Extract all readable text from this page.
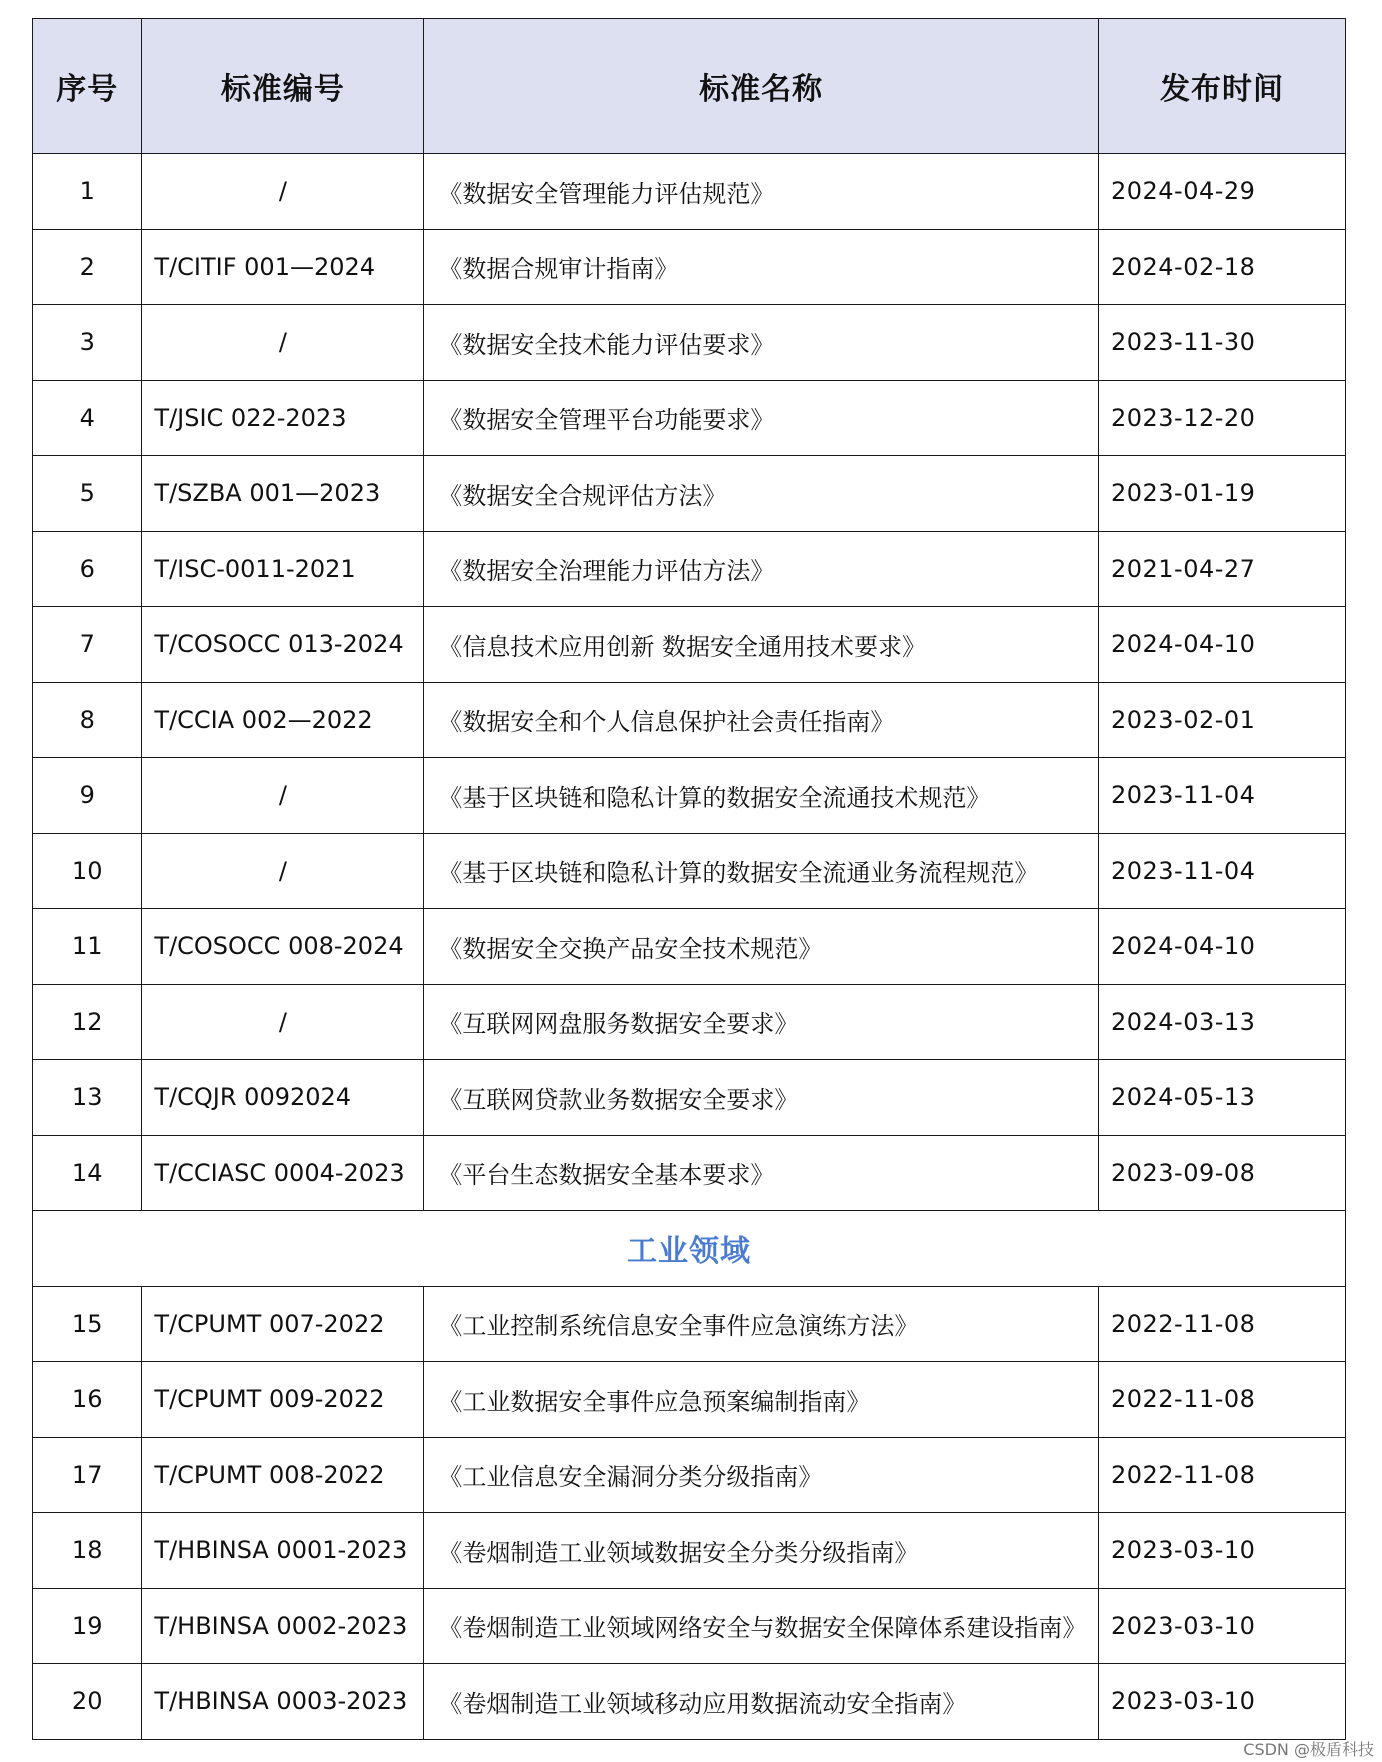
序号	标准编号	标准名称	发布时间
1	/	《数据安全管理能力评估规范》	2024-04-29
2	T/CITIF 001—2024	《数据合规审计指南》	2024-02-18
3	/	《数据安全技术能力评估要求》	2023-11-30
4	T/JSIC 022-2023	《数据安全管理平台功能要求》	2023-12-20
5	T/SZBA 001—2023	《数据安全合规评估方法》	2023-01-19
6	T/ISC-0011-2021	《数据安全治理能力评估方法》	2021-04-27
7	T/COSOCC 013-2024	《信息技术应用创新 数据安全通用技术要求》	2024-04-10
8	T/CCIA 002—2022	《数据安全和个人信息保护社会责任指南》	2023-02-01
9	/	《基于区块链和隐私计算的数据安全流通技术规范》	2023-11-04
10	/	《基于区块链和隐私计算的数据安全流通业务流程规范》	2023-11-04
11	T/COSOCC 008-2024	《数据安全交换产品安全技术规范》	2024-04-10
12	/	《互联网网盘服务数据安全要求》	2024-03-13
13	T/CQJR 0092024	《互联网贷款业务数据安全要求》	2024-05-13
14	T/CCIASC 0004-2023	《平台生态数据安全基本要求》	2023-09-08
工业领域			
15	T/CPUMT 007-2022	《工业控制系统信息安全事件应急演练方法》	2022-11-08
16	T/CPUMT 009-2022	《工业数据安全事件应急预案编制指南》	2022-11-08
17	T/CPUMT 008-2022	《工业信息安全漏洞分类分级指南》	2022-11-08
18	T/HBINSA 0001-2023	《卷烟制造工业领域数据安全分类分级指南》	2023-03-10
19	T/HBINSA 0002-2023	《卷烟制造工业领域网络安全与数据安全保障体系建设指南》	2023-03-10
20	T/HBINSA 0003-2023	《卷烟制造工业领域移动应用数据流动安全指南》	2023-03-10
CSDN @极盾科技
